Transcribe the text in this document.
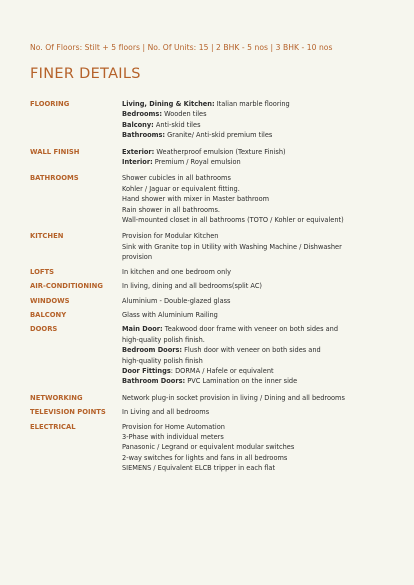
No. Of Floors: Stilt + 5 floors | No. Of Units: 15 | 2 BHK - 5 nos | 3 BHK - 10 nos
FINER DETAILS
FLOORING	Living, Dining & Kitchen: Italian marble flooring
Bedrooms: Wooden tiles
Balcony: Anti-skid tiles
Bathrooms: Granite/ Anti-skid premium tiles
WALL FINISH	Exterior: Weatherproof emulsion (Texture Finish)
Interior: Premium / Royal emulsion
BATHROOMS	Shower cubicles in all bathrooms
Kohler / Jaguar or equivalent fitting.
Hand shower with mixer in Master bathroom
Rain shower in all bathrooms.
Wall-mounted closet in all bathrooms (TOTO / Kohler or equivalent)
KITCHEN	Provision for Modular Kitchen
Sink with Granite top in Utility with Washing Machine / Dishwasher
provision
LOFTS	In kitchen and one bedroom only
AIR-CONDITIONING	In living, dining and all bedrooms(split AC)
WINDOWS	Aluminium - Double-glazed glass
BALCONY	Glass with Aluminium Railing
DOORS	Main Door: Teakwood door frame with veneer on both sides and
high-quality polish finish.
Bedroom Doors: Flush door with veneer on both sides and
high-quality polish finish
Door Fittings: DORMA / Hafele or equivalent
Bathroom Doors: PVC Lamination on the inner side
NETWORKING	Network plug-in socket provision in living / Dining and all bedrooms
TELEVISION POINTS	In Living and all bedrooms
ELECTRICAL	Provision for Home Automation
3-Phase with individual meters
Panasonic / Legrand or equivalent modular switches
2-way switches for lights and fans in all bedrooms
SIEMENS / Equivalent ELCB tripper in each flat
